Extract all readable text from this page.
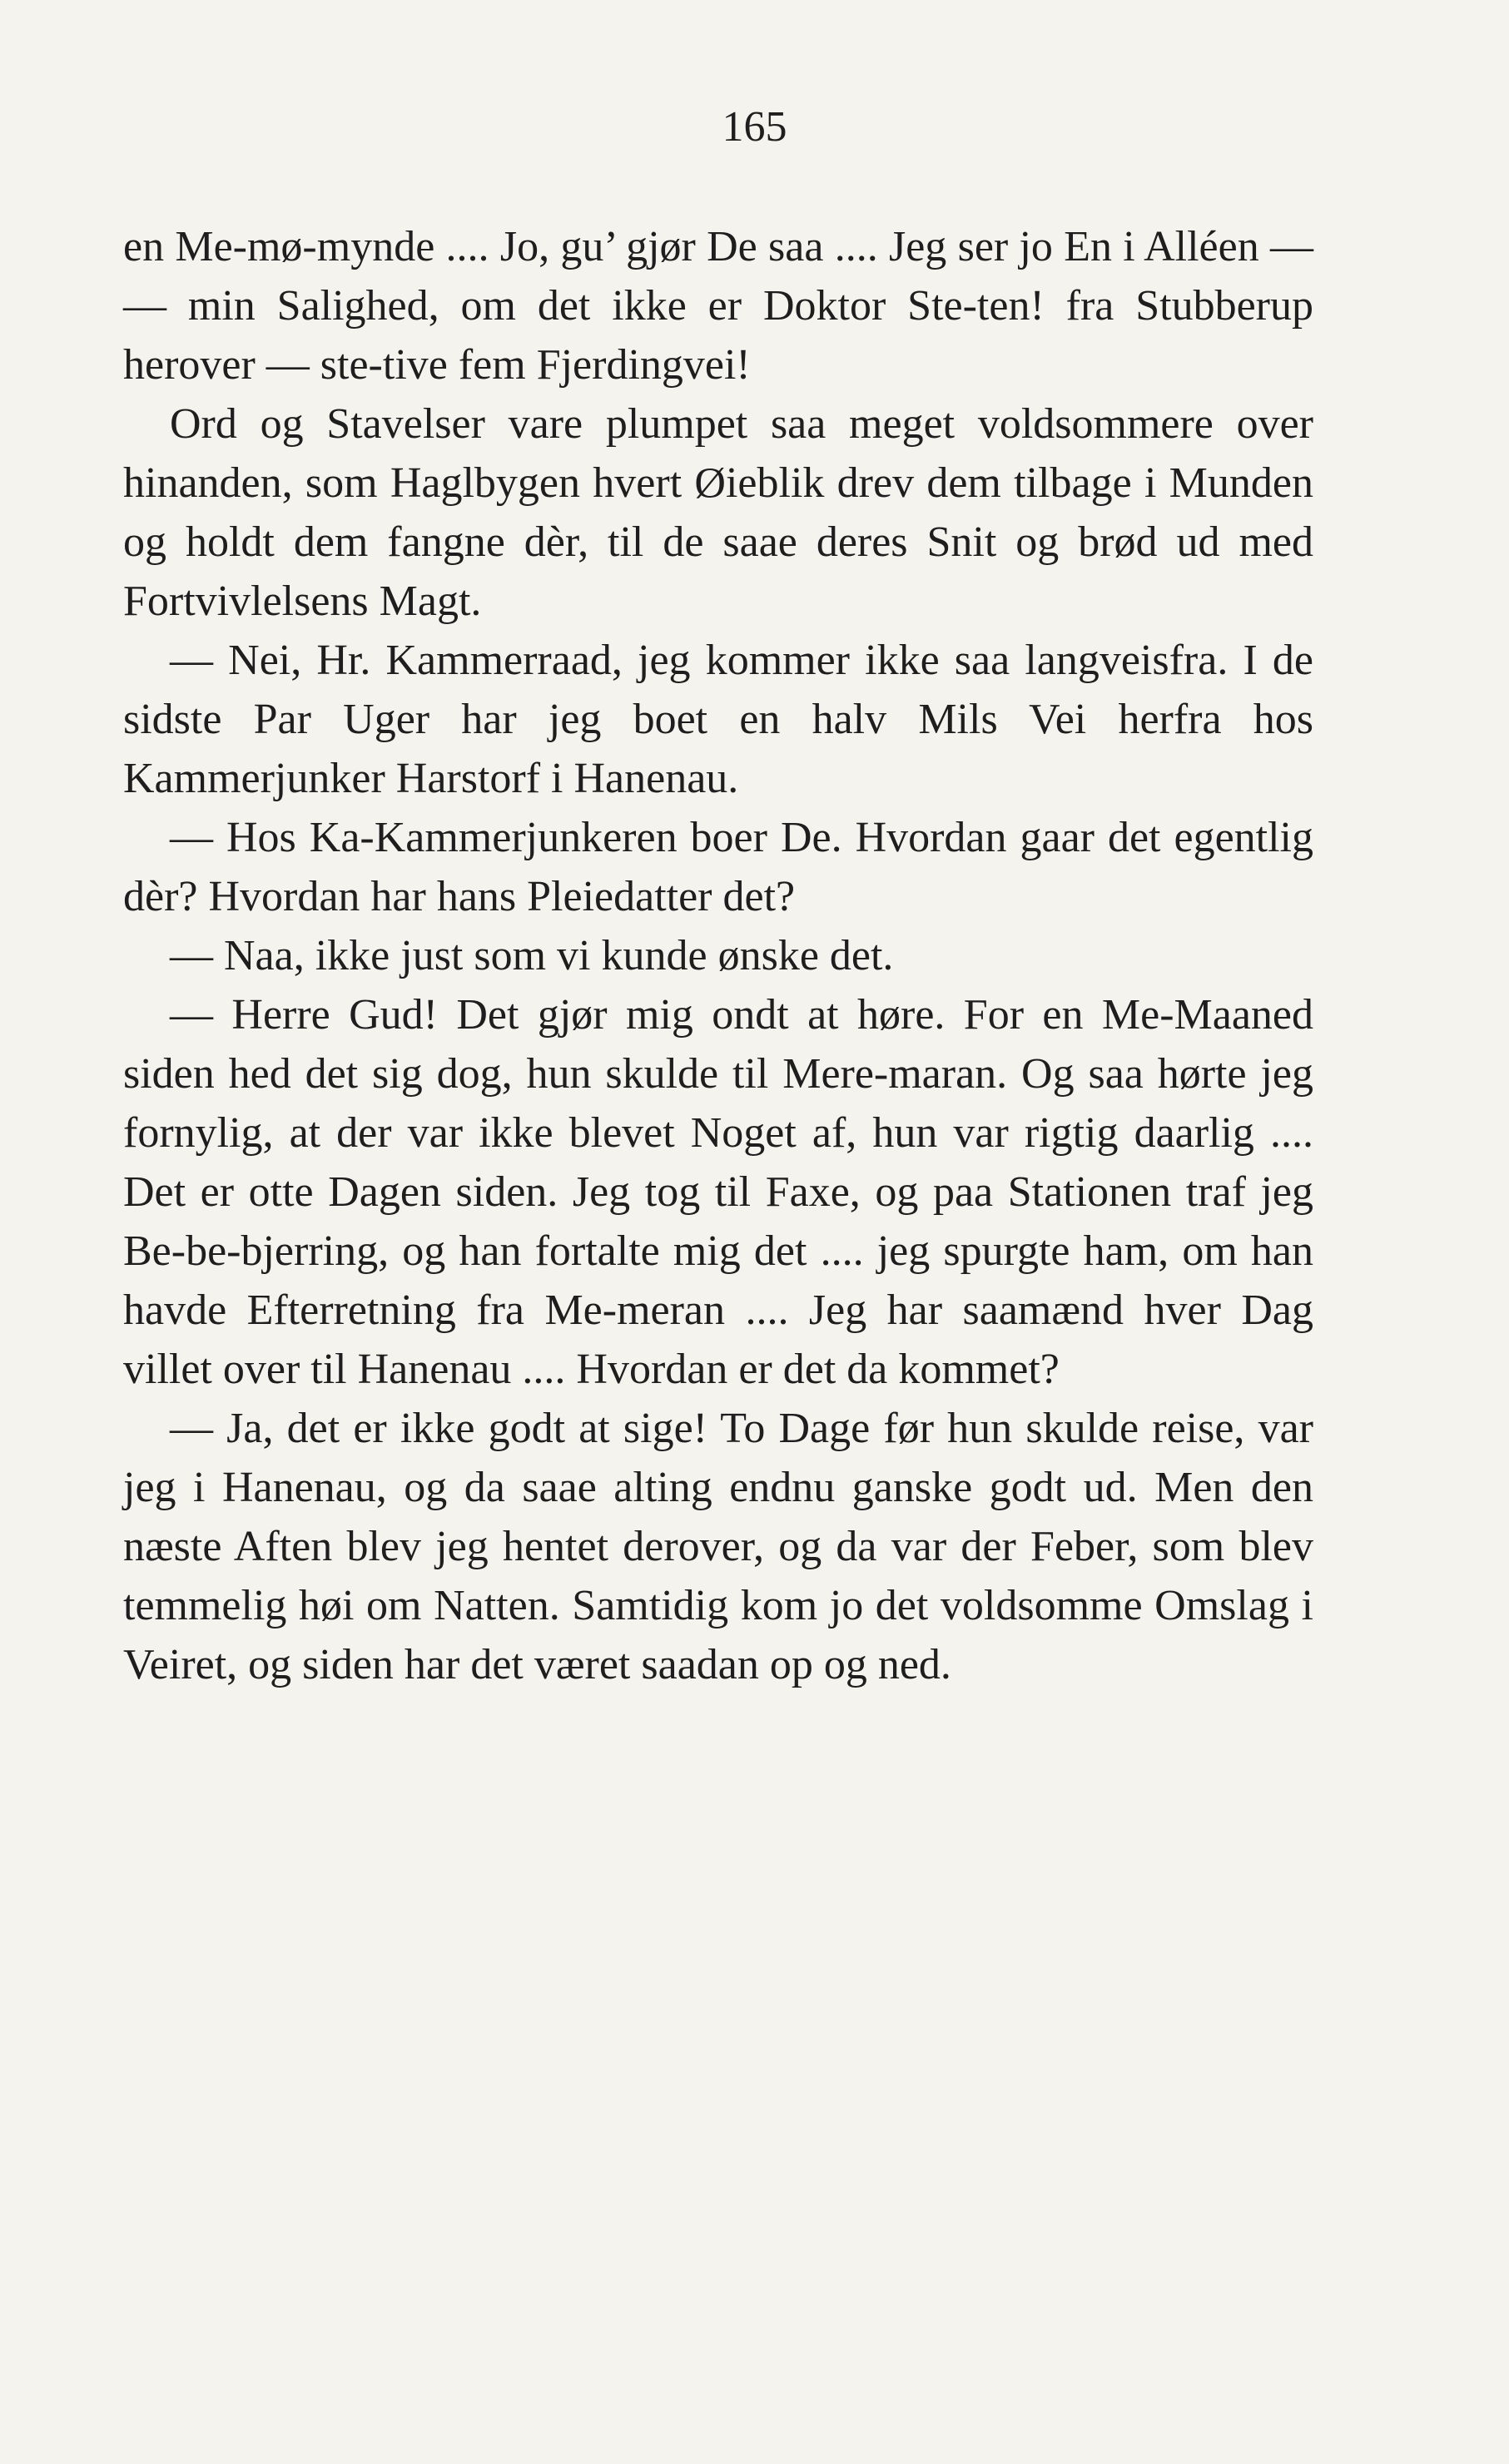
165

en Me-mø-mynde .... Jo, gu’ gjør De saa .... Jeg ser jo En i Alléen — — min Salighed, om det ikke er Doktor Ste-ten! fra Stubberup herover — ste-tive fem Fjerdingvei!

Ord og Stavelser vare plumpet saa meget voldsommere over hinanden, som Haglbygen hvert Øieblik drev dem tilbage i Munden og holdt dem fangne dèr, til de saae deres Snit og brød ud med Fortvivlelsens Magt.

— Nei, Hr. Kammerraad, jeg kommer ikke saa langveisfra. I de sidste Par Uger har jeg boet en halv Mils Vei herfra hos Kammerjunker Harstorf i Hanenau.

— Hos Ka-Kammerjunkeren boer De. Hvordan gaar det egentlig dèr? Hvordan har hans Pleiedatter det?

— Naa, ikke just som vi kunde ønske det.

— Herre Gud! Det gjør mig ondt at høre. For en Me-Maaned siden hed det sig dog, hun skulde til Mere-maran. Og saa hørte jeg fornylig, at der var ikke blevet Noget af, hun var rigtig daarlig .... Det er otte Dagen siden. Jeg tog til Faxe, og paa Stationen traf jeg Be-be-bjerring, og han fortalte mig det .... jeg spurgte ham, om han havde Efterretning fra Me-meran .... Jeg har saamænd hver Dag villet over til Hanenau .... Hvordan er det da kommet?

— Ja, det er ikke godt at sige! To Dage før hun skulde reise, var jeg i Hanenau, og da saae alting endnu ganske godt ud. Men den næste Aften blev jeg hentet derover, og da var der Feber, som blev temmelig høi om Natten. Samtidig kom jo det voldsomme Omslag i Veiret, og siden har det været saadan op og ned.
